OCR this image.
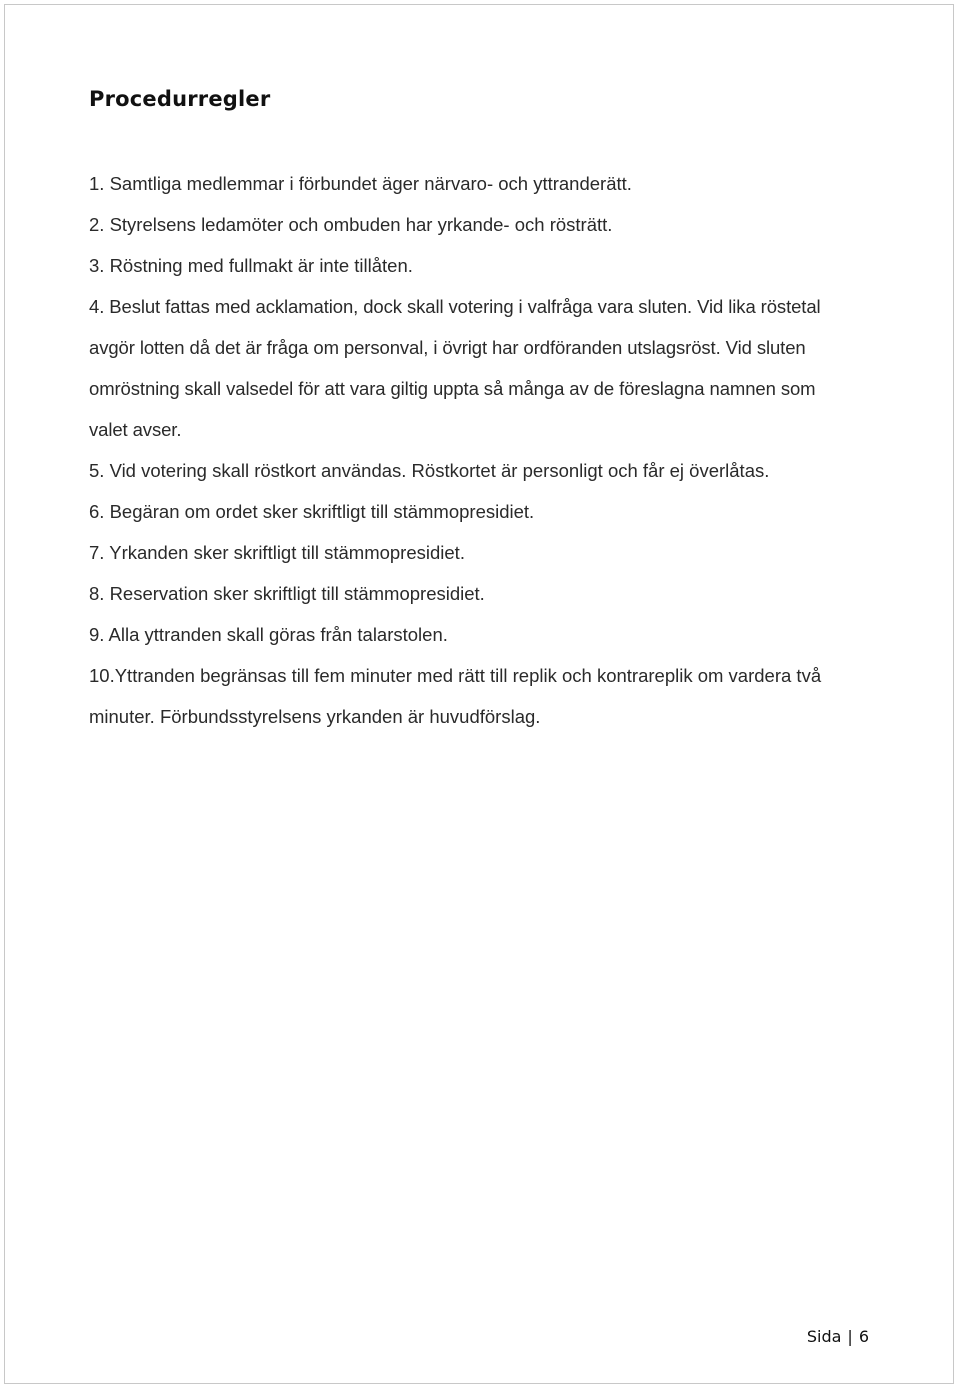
Procedurregler
1. Samtliga medlemmar i förbundet äger närvaro- och yttranderätt.
2. Styrelsens ledamöter och ombuden har yrkande- och rösträtt.
3. Röstning med fullmakt är inte tillåten.
4. Beslut fattas med acklamation, dock skall votering i valfråga vara sluten. Vid lika röstetal avgör lotten då det är fråga om personval, i övrigt har ordföranden utslagsröst. Vid sluten omröstning skall valsedel för att vara giltig uppta så många av de föreslagna namnen som valet avser.
5. Vid votering skall röstkort användas. Röstkortet är personligt och får ej överlåtas.
6. Begäran om ordet sker skriftligt till stämmopresidiet.
7. Yrkanden sker skriftligt till stämmopresidiet.
8. Reservation sker skriftligt till stämmopresidiet.
9. Alla yttranden skall göras från talarstolen.
10.Yttranden begränsas till fem minuter med rätt till replik och kontrareplik om vardera två minuter. Förbundsstyrelsens yrkanden är huvudförslag.
Sida | 6
